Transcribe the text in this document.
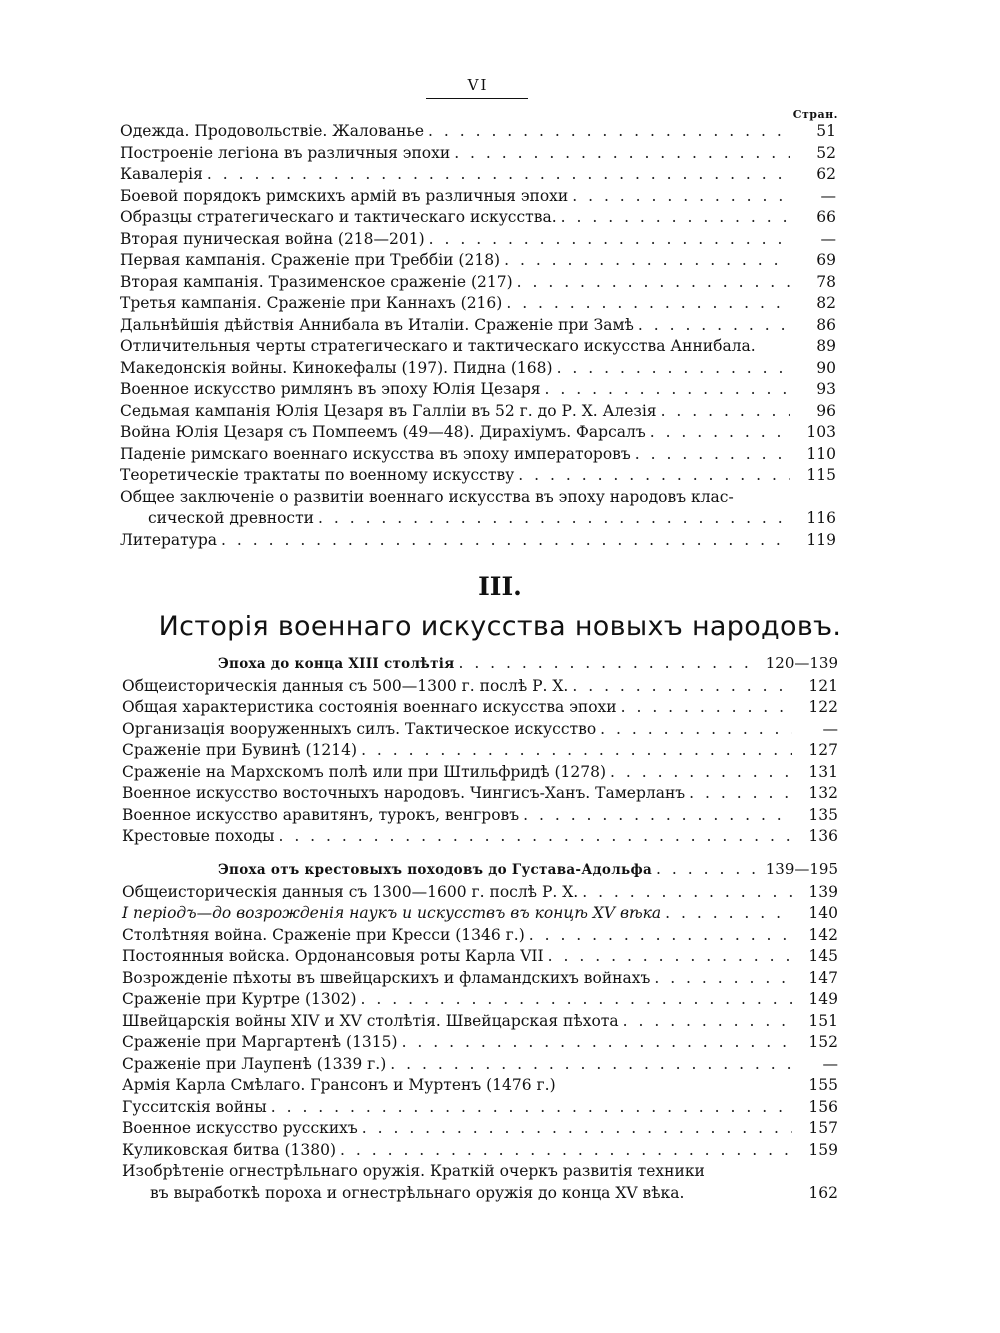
VI
Стран.
Одежда. Продовольствіе. Жалованье . . .	51
Построеніе легіона въ различныя эпохи . . .	52
Кавалерія . . .	62
Боевой порядокъ римскихъ армій въ различныя эпохи . . .	—
Образцы стратегическаго и тактическаго искусства. . . .	66
Вторая пуническая война (218—201) . . .	—
Первая кампанія. Сраженіе при Треббіи (218) . . .	69
Вторая кампанія. Тразименское сраженіе (217) . . .	78
Третья кампанія. Сраженіе при Каннахъ (216) . . .	82
Дальнѣйшія дѣйствія Аннибала въ Италіи. Сраженіе при Замѣ . . .	86
Отличительныя черты стратегическаго и тактическаго искусства Аннибала.	89
Македонскія войны. Кинокефалы (197). Пидна (168) . . .	90
Военное искусство римлянъ въ эпоху Юлія Цезаря . . .	93
Седьмая кампанія Юлія Цезаря въ Галліи въ 52 г. до Р. Х. Алезія . . .	96
Война Юлія Цезаря съ Помпеемъ (49—48). Дирахіумъ. Фарсалъ . . .	103
Паденіе римскаго военнаго искусства въ эпоху императоровъ . . .	110
Теоретическіе трактаты по военному искусству . . .	115
Общее заключеніе о развитіи военнаго искусства въ эпоху народовъ клас-
сической древности . . .	116
Литература . . .	119
III.
Исторія военнаго искусства новыхъ народовъ.
Эпоха до конца XIII столѣтія . . .	120—139
Общеисторическія данныя съ 500—1300 г. послѣ Р. Х. . . .	121
Общая характеристика состоянія военнаго искусства эпохи . . .	122
Организація вооруженныхъ силъ. Тактическое искусство . . .	—
Сраженіе при Бувинѣ (1214) . . .	127
Сраженіе на Мархскомъ полѣ или при Штильфридѣ (1278) . . .	131
Военное искусство восточныхъ народовъ. Чингисъ-Ханъ. Тамерланъ . . .	132
Военное искусство аравитянъ, турокъ, венгровъ . . .	135
Крестовые походы . . .	136
Эпоха отъ крестовыхъ походовъ до Густава-Адольфа . . .	139—195
Общеисторическія данныя съ 1300—1600 г. послѣ Р. Х. . . .	139
I періодъ—до возрожденія наукъ и искусствъ въ концѣ XV вѣка . . .	140
Столѣтняя война. Сраженіе при Кресси (1346 г.) . . .	142
Постоянныя войска. Ордонансовыя роты Карла VII . . .	145
Возрожденіе пѣхоты въ швейцарскихъ и фламандскихъ войнахъ . . .	147
Сраженіе при Куртре (1302) . . .	149
Швейцарскія войны XIV и XV столѣтія. Швейцарская пѣхота . . .	151
Сраженіе при Маргартенѣ (1315) . . .	152
Сраженіе при Лаупенѣ (1339 г.) . . .	—
Армія Карла Смѣлаго. Грансонъ и Муртенъ (1476 г.)	155
Гусситскія войны . . .	156
Военное искусство русскихъ . . .	157
Куликовская битва (1380) . . .	159
Изобрѣтеніе огнестрѣльнаго оружія. Краткій очеркъ развитія техники
въ выработкѣ пороха и огнестрѣльнаго оружія до конца XV вѣка.	162
